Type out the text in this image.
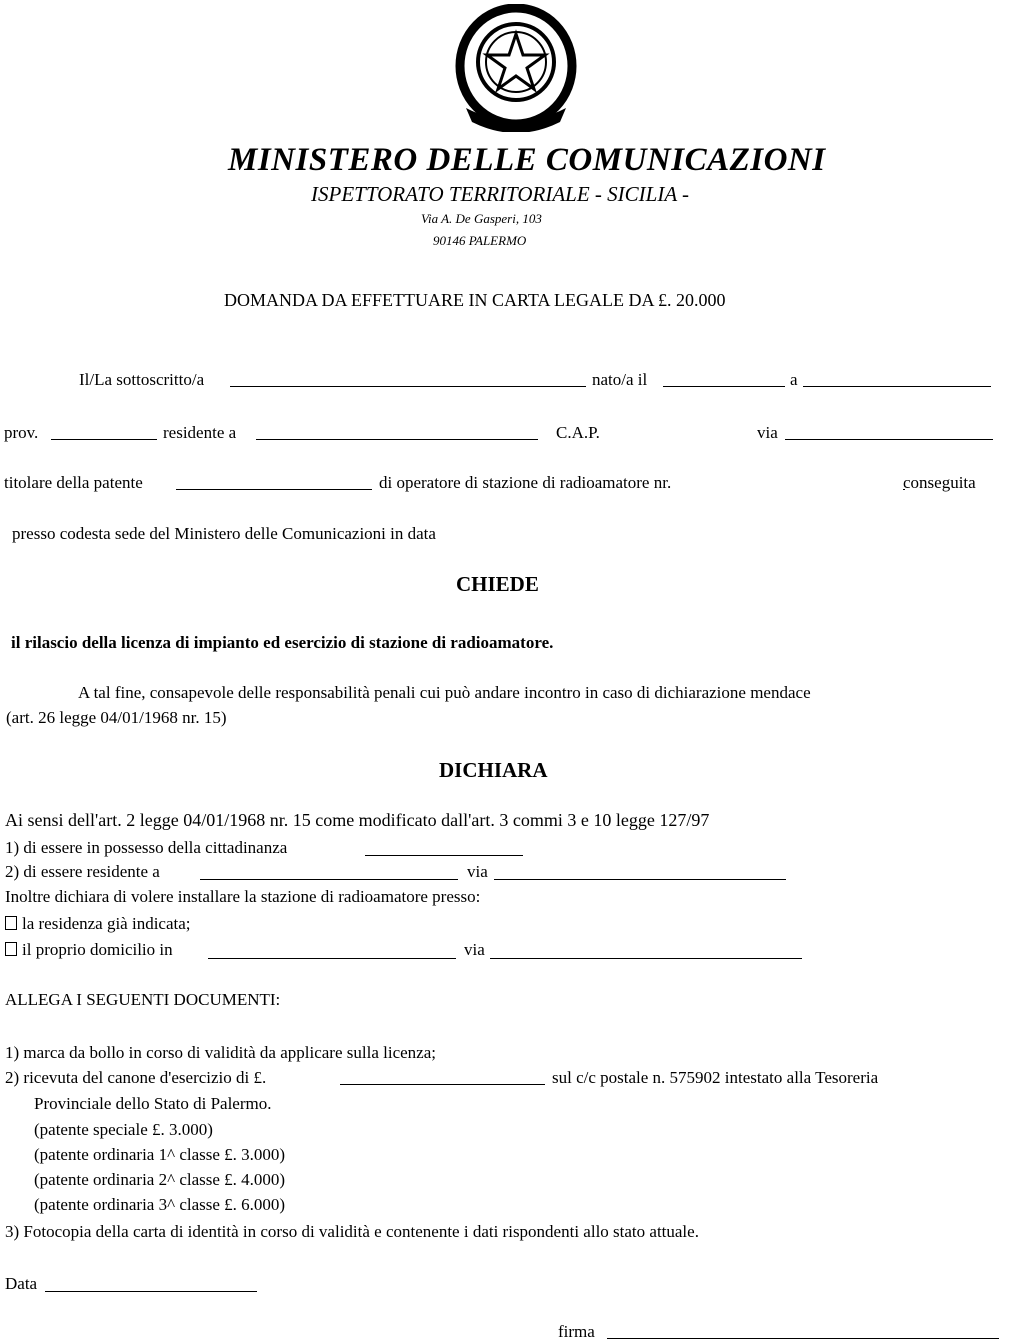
MINISTERO DELLE COMUNICAZIONI
ISPETTORATO TERRITORIALE - SICILIA -
Via A. De Gasperi, 103
90146 PALERMO
DOMANDA DA EFFETTUARE IN CARTA LEGALE DA £. 20.000
Il/La sottoscritto/a	nato/a il	a
prov.	residente a	C.A.P.	via
titolare della patente	di operatore di stazione di radioamatore nr.	conseguita
presso codesta sede del Ministero delle Comunicazioni in data
CHIEDE
il rilascio della licenza di impianto ed esercizio di stazione di radioamatore.
A tal fine, consapevole delle responsabilità penali cui può andare incontro in caso di dichiarazione mendace
(art. 26 legge 04/01/1968 nr. 15)
DICHIARA
Ai sensi dell'art. 2 legge 04/01/1968 nr. 15 come modificato dall'art. 3 commi 3 e 10 legge 127/97
1) di essere in possesso della cittadinanza
2) di essere residente a	via
Inoltre dichiara di volere installare la stazione di radioamatore presso:
la residenza già indicata;
il proprio domicilio in	via
ALLEGA I SEGUENTI DOCUMENTI:
1) marca da bollo in corso di validità da applicare sulla licenza;
2) ricevuta del canone d'esercizio di £.	sul c/c postale n. 575902 intestato alla Tesoreria
Provinciale dello Stato di Palermo.
(patente speciale £. 3.000)
(patente ordinaria 1^ classe £. 3.000)
(patente ordinaria 2^ classe £. 4.000)
(patente ordinaria 3^ classe £. 6.000)
3) Fotocopia della carta di identità in corso di validità e contenente i dati rispondenti allo stato attuale.
Data
firma
